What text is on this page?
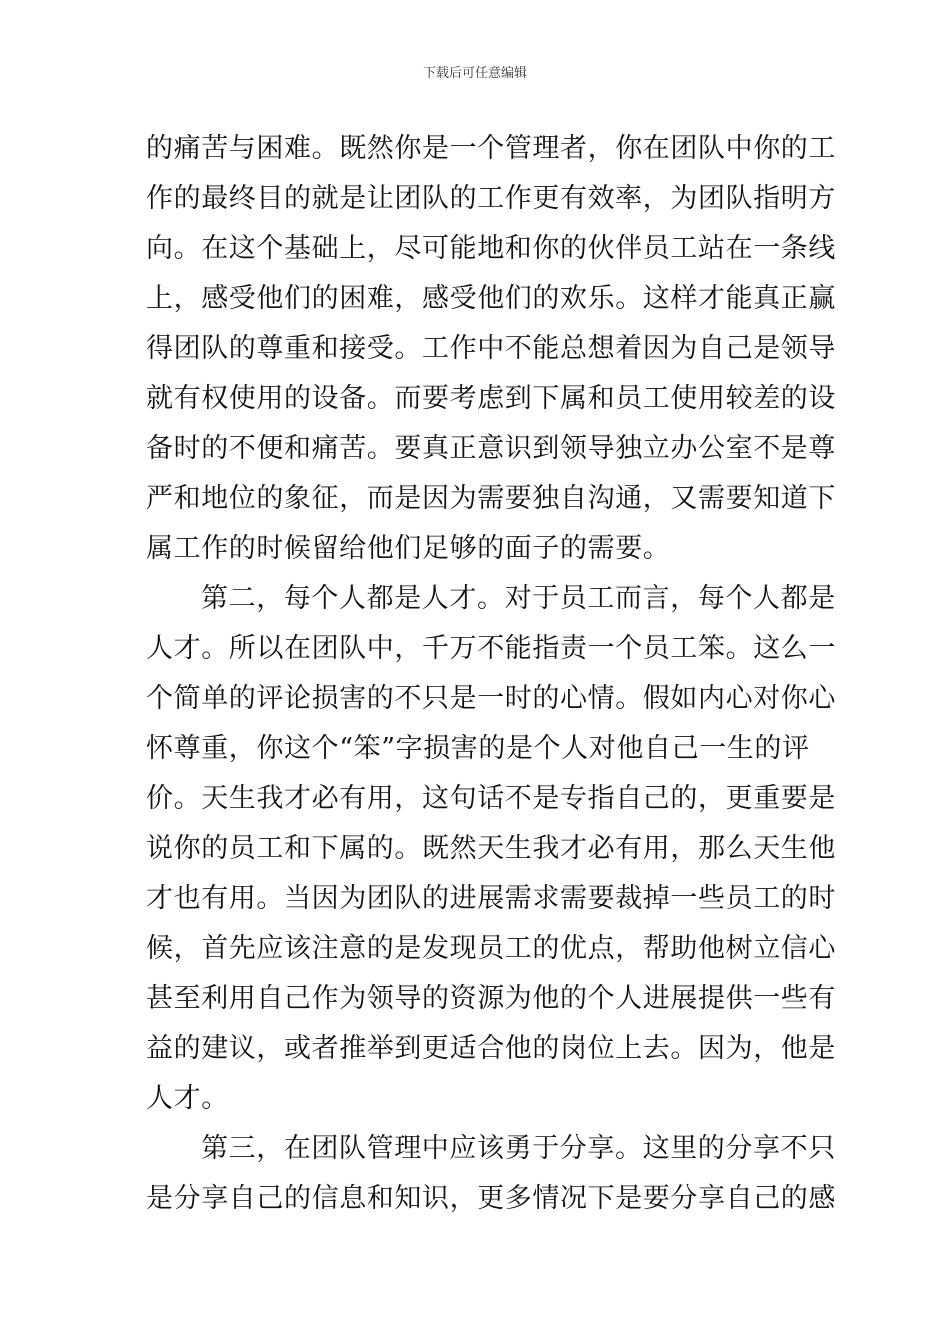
下载后可任意编辑
的痛苦与困难。既然你是一个管理者，你在团队中你的工
作的最终目的就是让团队的工作更有效率，为团队指明方
向。在这个基础上，尽可能地和你的伙伴员工站在一条线
上，感受他们的困难，感受他们的欢乐。这样才能真正赢
得团队的尊重和接受。工作中不能总想着因为自己是领导
就有权使用的设备。而要考虑到下属和员工使用较差的设
备时的不便和痛苦。要真正意识到领导独立办公室不是尊
严和地位的象征，而是因为需要独自沟通，又需要知道下
属工作的时候留给他们足够的面子的需要。
第二，每个人都是人才。对于员工而言，每个人都是
人才。所以在团队中，千万不能指责一个员工笨。这么一
个简单的评论损害的不只是一时的心情。假如内心对你心
怀尊重，你这个“笨”字损害的是个人对他自己一生的评
价。天生我才必有用，这句话不是专指自己的，更重要是
说你的员工和下属的。既然天生我才必有用，那么天生他
才也有用。当因为团队的进展需求需要裁掉一些员工的时
候，首先应该注意的是发现员工的优点，帮助他树立信心
甚至利用自己作为领导的资源为他的个人进展提供一些有
益的建议，或者推举到更适合他的岗位上去。因为，他是
人才。
第三，在团队管理中应该勇于分享。这里的分享不只
是分享自己的信息和知识，更多情况下是要分享自己的感
